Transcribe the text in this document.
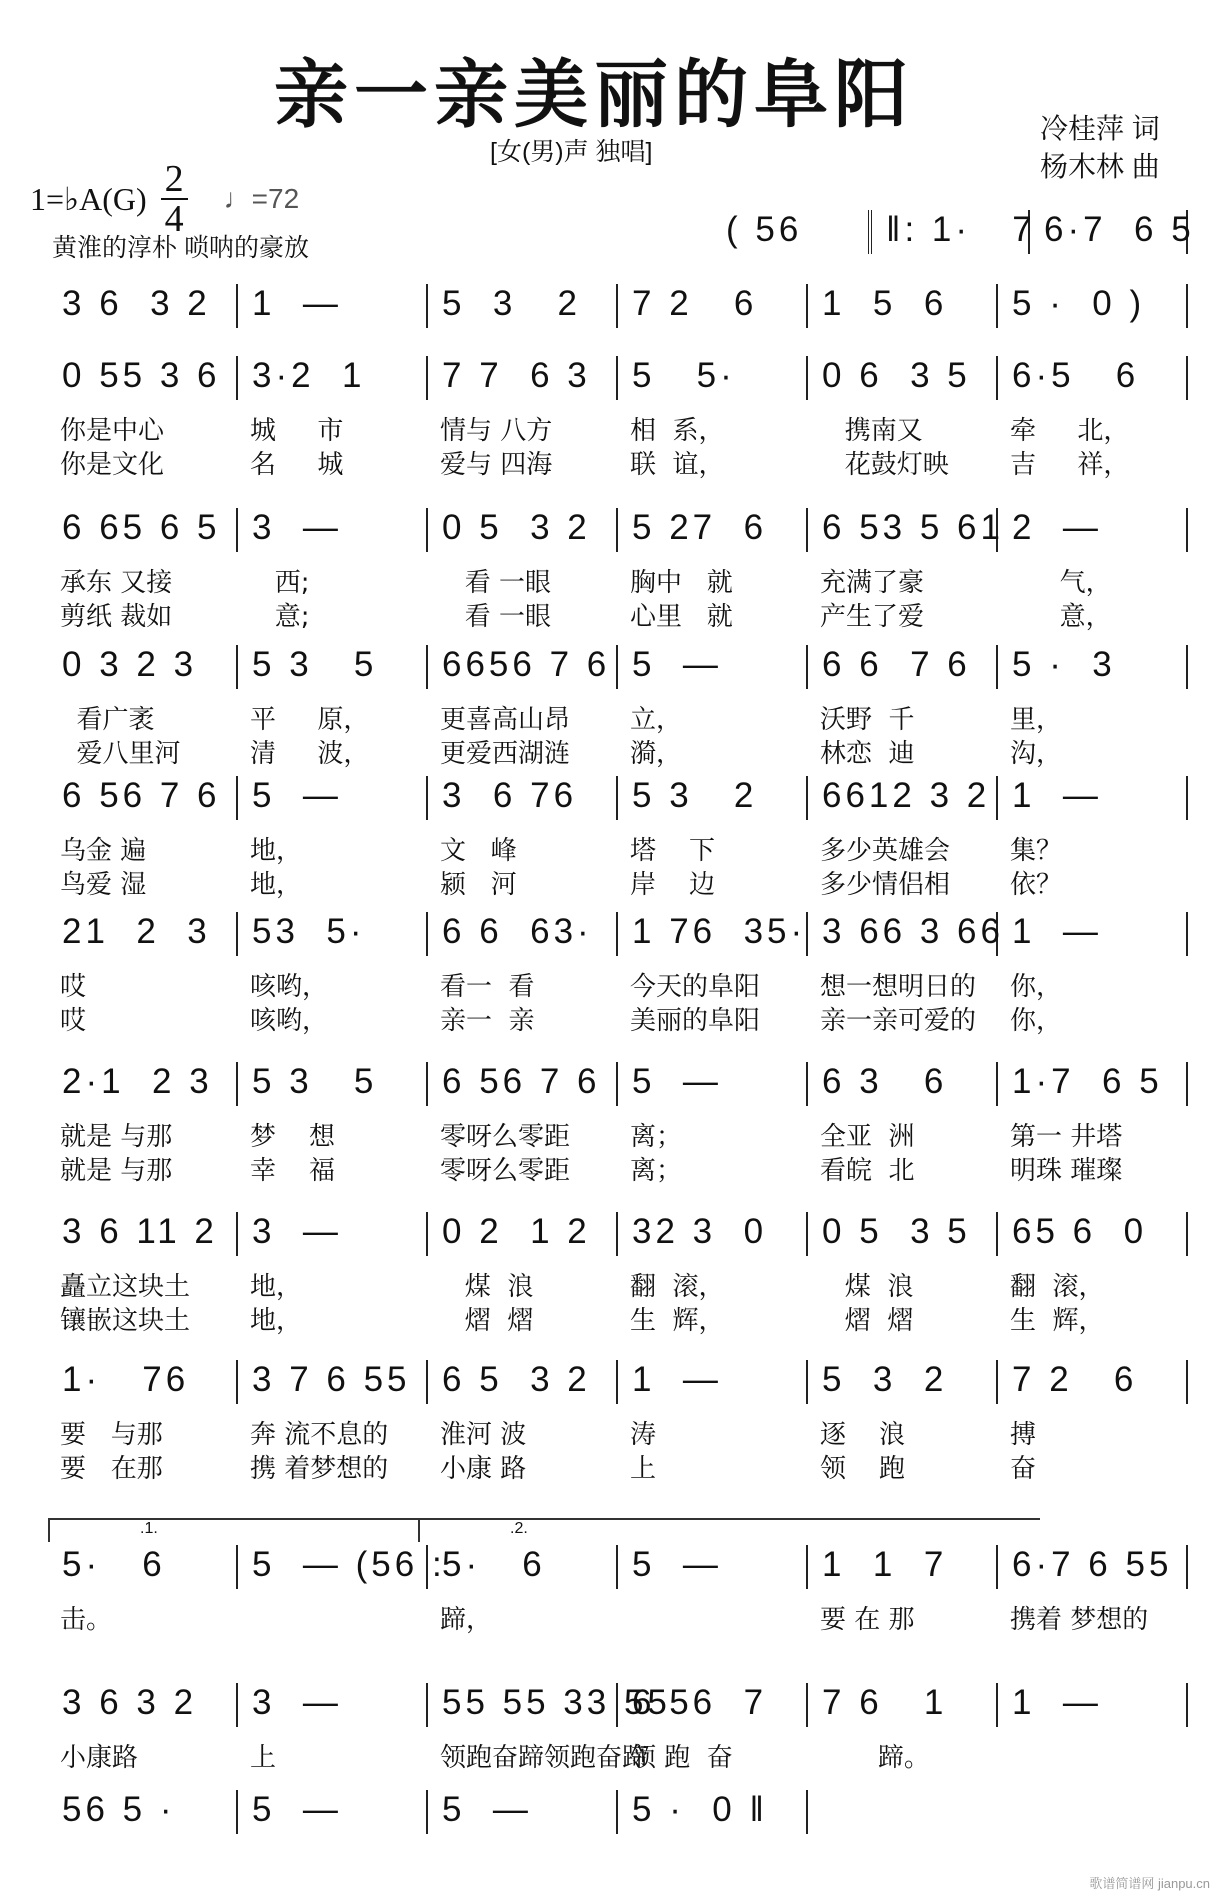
亲一亲美丽的阜阳
[女(男)声 独唱]
冷桂萍 词
杨木林 曲
1=♭A(G) $\frac{2}{4}$ ♩=72
黄淮的淳朴 唢呐的豪放	( 56 ‖: 1·   7 6·7  6 5
3 6  3 2 1  —	5  3   2 7 2   6 1  5  6 5 ·  0 )
0 55 3 6
你是中心
你是文化
3·2  1
城     市
名     城
7 7  6 3
情与 八方
爱与 四海
5   5·
相  系，
联  谊，
0 6  3 5
携南又
花鼓灯映
6·5   6
牵     北，
吉     祥，
6 65 6 5
承东 又接
剪纸 裁如
3  —
西;
意;
0 5  3 2
看 一眼
看 一眼
5 27  6
胸中   就
心里   就
6 53 5 61
充满了豪
产生了爱
2  —
气，
意，
0 3 2 3
看广袤
爱八里河
5 3   5
平     原，
清     波，
6656 7 6
更喜高山昂
更爱西湖涟
5  —
立，
漪，
6 6  7 6
沃野  千
林恋  迪
5 ·  3
里，
沟，
6 56 7 6
乌金 遍
鸟爱 湿
5  —
地，
地，
3  6 76
文   峰
颍   河
5 3   2
塔    下
岸    边
6612 3 2
多少英雄会
多少情侣相
1  —
集？
依？
21  2  3
哎
哎
53  5·
咳哟，
咳哟，
6 6  63·
看一  看
亲一  亲
1 76  35·
今天的阜阳
美丽的阜阳
3 66 3 66
想一想明日的
亲一亲可爱的
1  —
你，
你，
2·1  2 3
就是 与那
就是 与那
5 3   5
梦    想
幸    福
6 56 7 6
零呀么零距
零呀么零距
5  —
离；
离；
6 3   6
全亚  洲
看皖  北
1·7  6 5
第一 井塔
明珠 璀璨
3 6 11 2
矗立这块土
镶嵌这块土
3  —
地，
地，
0 2  1 2
煤  浪
熠  熠
32 3  0
翻  滚，
生  辉，
0 5  3 5
煤  浪
熠  熠
65 6  0
翻  滚，
生  辉，
1·   76
要   与那
要   在那
3 7 6 55
奔 流不息的
携 着梦想的
6 5  3 2
淮河 波
小康 路
1  —
涛
上
5  3  2
逐    浪
领    跑
7 2   6
搏
奋
5·   6
击。
5  — (56 :
5·   6
蹄，
5  —	1  1  7
要 在 那
6·7 6 55
携着 梦想的
3 6 3 2
小康路
3  —
上
55 55 33 55
领跑奋蹄领跑奋蹄
6 56  7
领 跑  奋
7 6   1
蹄。
1  —
56 5 · 5  —	5  —	5 ·  0 ‖
.1.	.2.
歌谱简谱网 jianpu.cn
